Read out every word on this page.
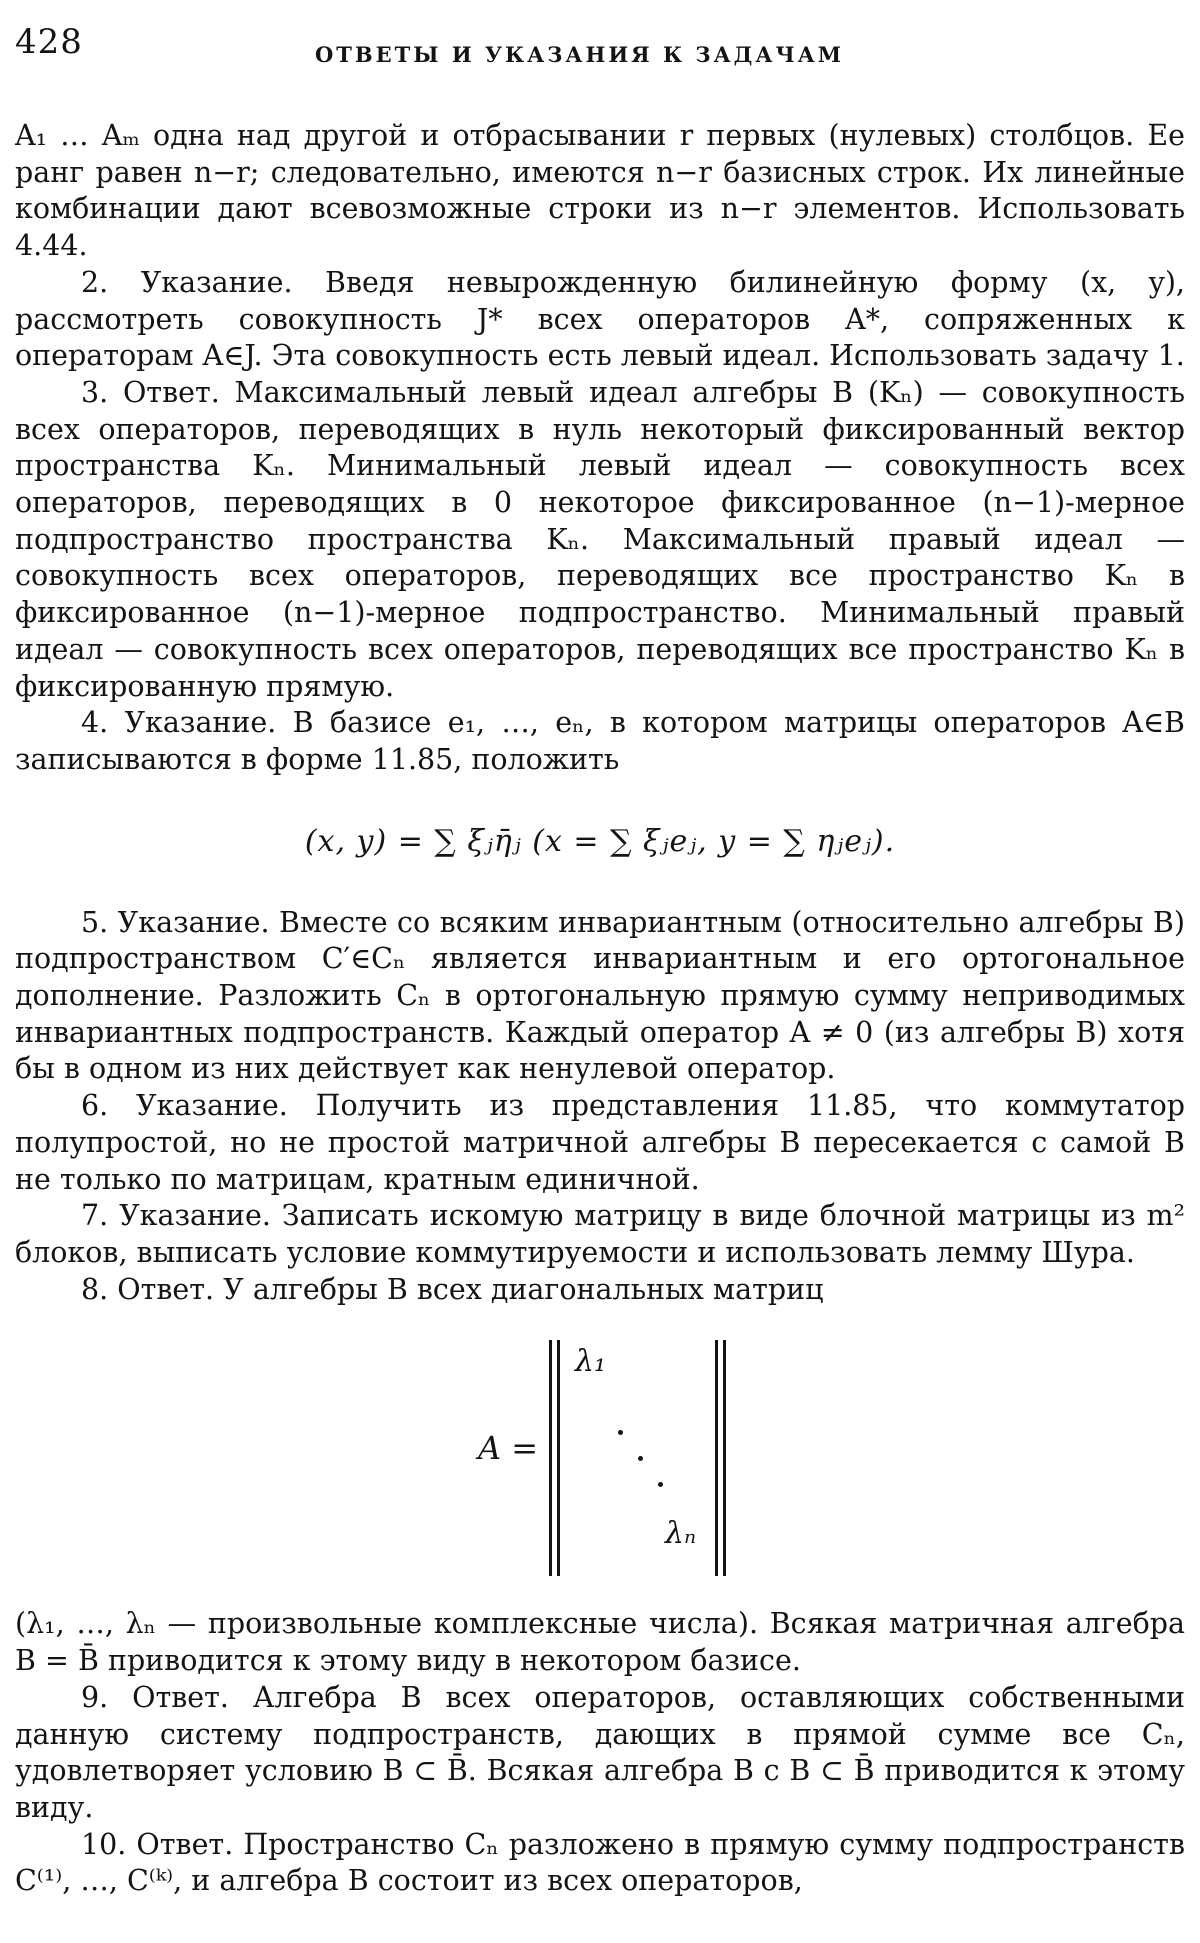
428	ОТВЕТЫ И УКАЗАНИЯ К ЗАДАЧАМ

A₁ … Aₘ одна над другой и отбрасывании r первых (нулевых) столбцов. Ее ранг равен n−r; следовательно, имеются n−r базисных строк. Их линейные комбинации дают всевозможные строки из n−r элементов. Использовать 4.44.

2. Указание. Введя невырожденную билинейную форму (x, y), рассмотреть совокупность J* всех операторов A*, сопряженных к операторам A∈J. Эта совокупность есть левый идеал. Использовать задачу 1.

3. Ответ. Максимальный левый идеал алгебры B (Kₙ) — совокупность всех операторов, переводящих в нуль некоторый фиксированный вектор пространства Kₙ. Минимальный левый идеал — совокупность всех операторов, переводящих в 0 некоторое фиксированное (n−1)-мерное подпространство пространства Kₙ. Максимальный правый идеал — совокупность всех операторов, переводящих все пространство Kₙ в фиксированное (n−1)-мерное подпространство. Минимальный правый идеал — совокупность всех операторов, переводящих все пространство Kₙ в фиксированную прямую.

4. Указание. В базисе e₁, …, eₙ, в котором матрицы операторов A∈B записываются в форме 11.85, положить

(x, y) = ∑ ξⱼη̄ⱼ (x = ∑ ξⱼeⱼ, y = ∑ ηⱼeⱼ).

5. Указание. Вместе со всяким инвариантным (относительно алгебры B) подпространством C′∈Cₙ является инвариантным и его ортогональное дополнение. Разложить Cₙ в ортогональную прямую сумму неприводимых инвариантных подпространств. Каждый оператор A ≠ 0 (из алгебры B) хотя бы в одном из них действует как ненулевой оператор.

6. Указание. Получить из представления 11.85, что коммутатор полупростой, но не простой матричной алгебры B пересекается с самой B не только по матрицам, кратным единичной.

7. Указание. Записать искомую матрицу в виде блочной матрицы из m² блоков, выписать условие коммутируемости и использовать лемму Шура.

8. Ответ. У алгебры B всех диагональных матриц

A =
λ₁
λₙ

(λ₁, …, λₙ — произвольные комплексные числа). Всякая матричная алгебра B = B̄ приводится к этому виду в некотором базисе.

9. Ответ. Алгебра B всех операторов, оставляющих собственными данную систему подпространств, дающих в прямой сумме все Cₙ, удовлетворяет условию B ⊂ B̄. Всякая алгебра B с B ⊂ B̄ приводится к этому виду.

10. Ответ. Пространство Cₙ разложено в прямую сумму подпространств C⁽¹⁾, …, C⁽ᵏ⁾, и алгебра B состоит из всех операторов,
